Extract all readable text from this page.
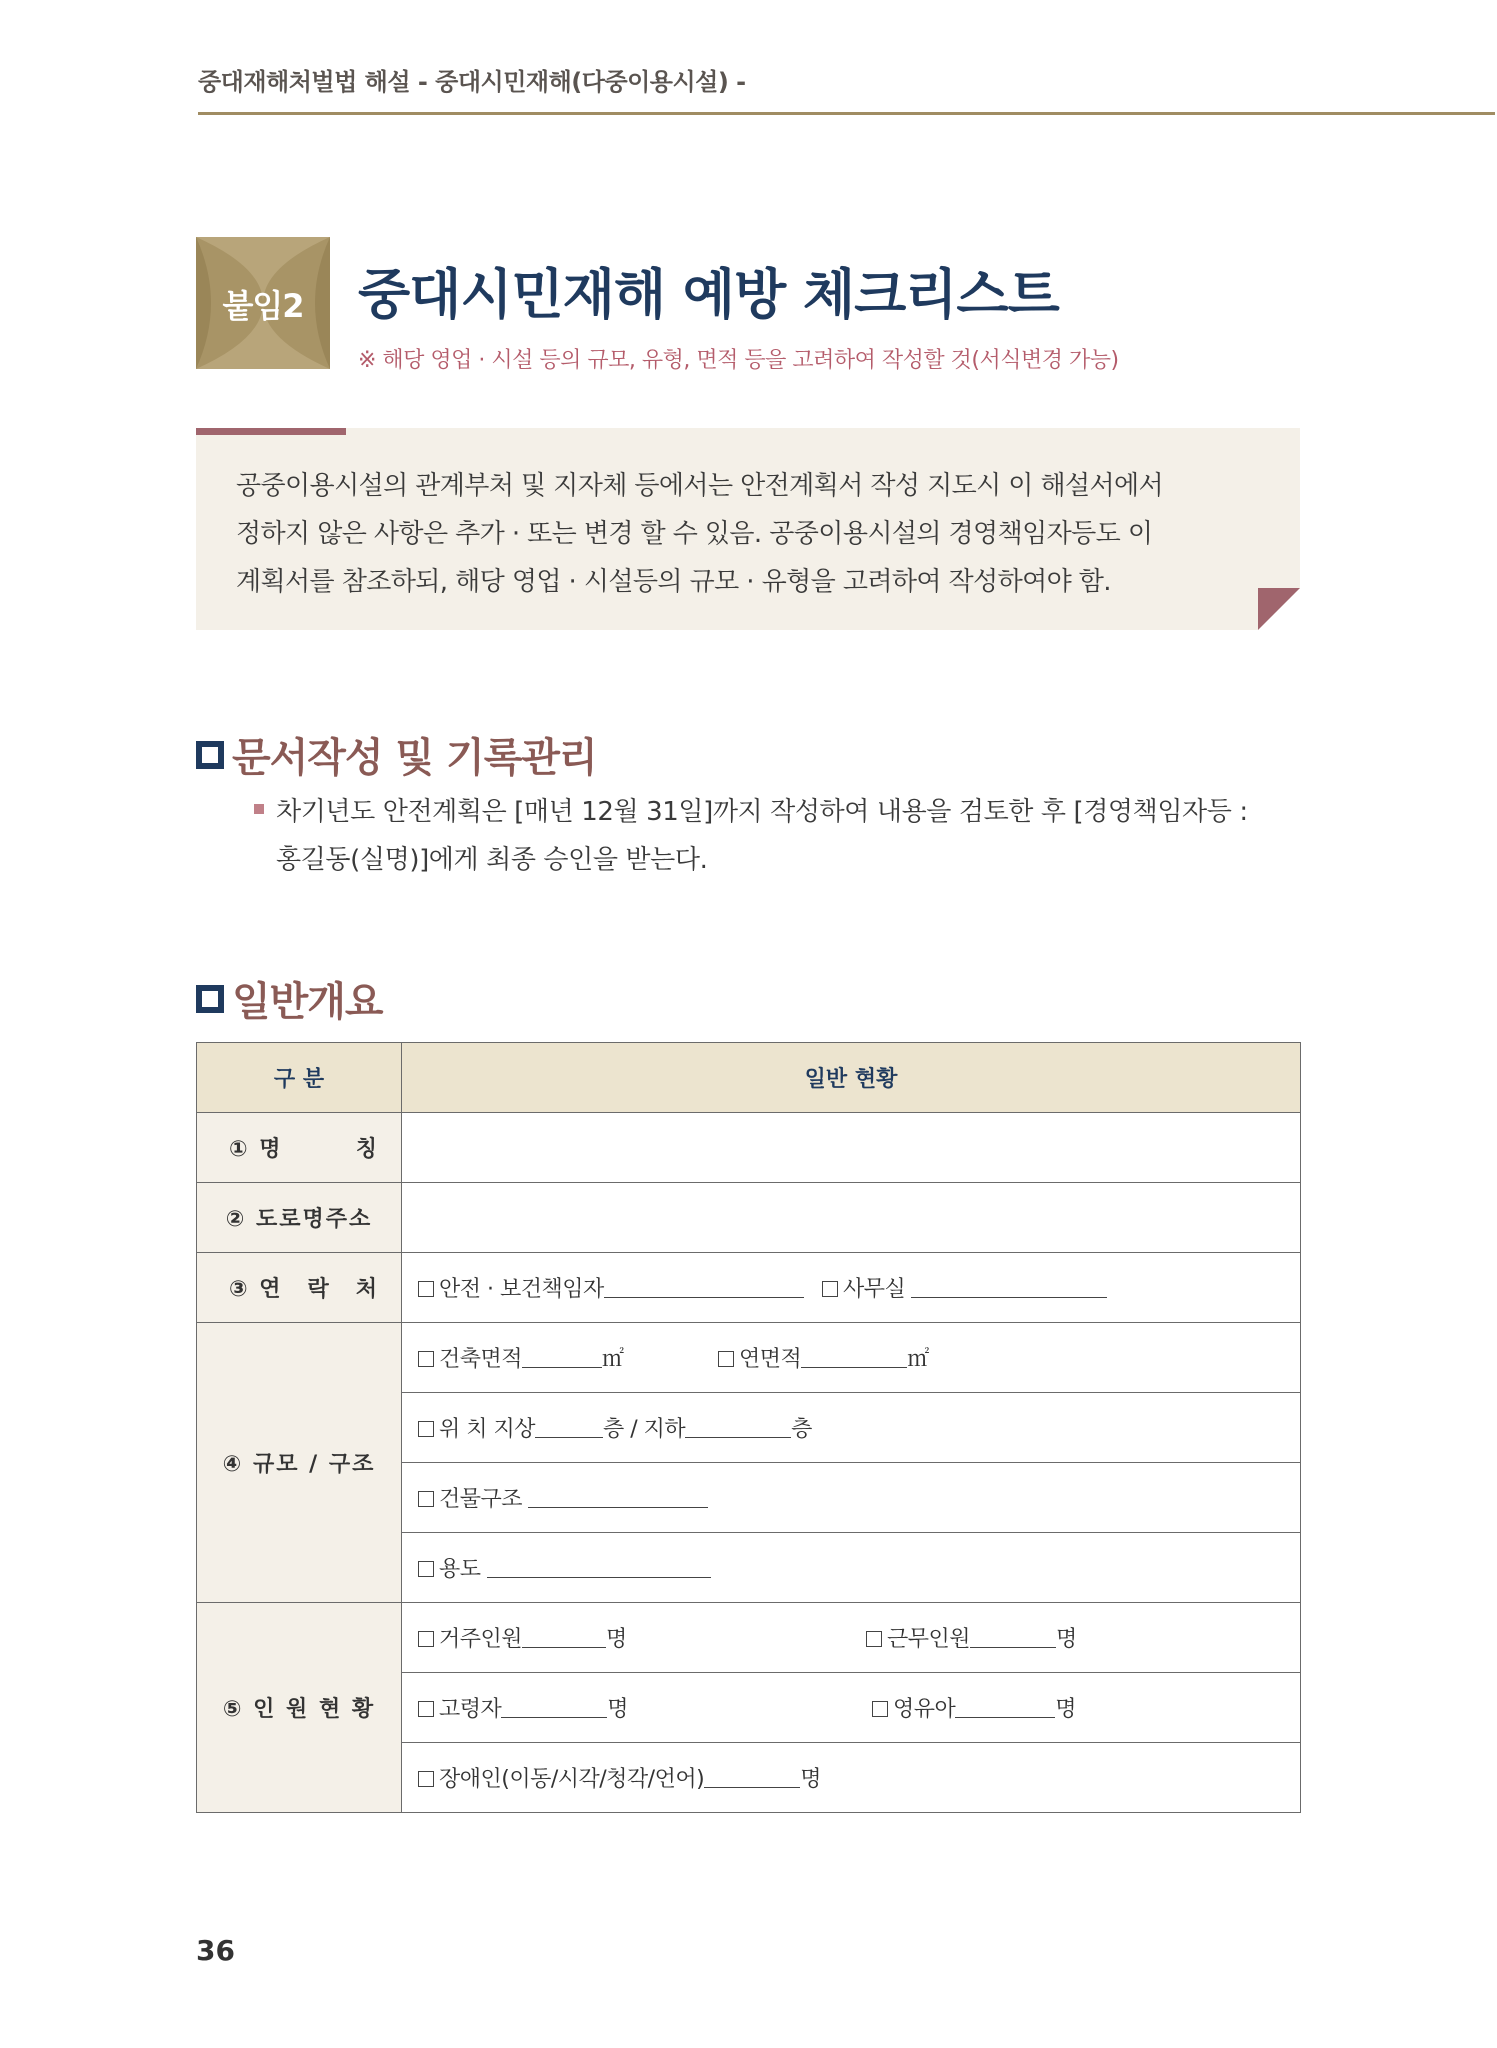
중대재해처벌법 해설 - 중대시민재해(다중이용시설) -
붙임2	중대시민재해 예방 체크리스트
※ 해당 영업 · 시설 등의 규모, 유형, 면적 등을 고려하여 작성할 것(서식변경 가능)

공중이용시설의 관계부처 및 지자체 등에서는 안전계획서 작성 지도시 이 해설서에서
정하지 않은 사항은 추가 · 또는 변경 할 수 있음. 공중이용시설의 경영책임자등도 이
계획서를 참조하되, 해당 영업 · 시설등의 규모 · 유형을 고려하여 작성하여야 함.

문서작성 및 기록관리

차기년도 안전계획은 [매년 12월 31일]까지 작성하여 내용을 검토한 후 [경영책임자등 :
홍길동(실명)]에게 최종 승인을 받는다.

일반개요
구 분	일반 현황

① 명 칭	

② 도로명주소	

③ 연 락 처	안전 · 보건책임자 사무실

④ 규모 / 구조	건축면적 ㎡ 연면적 ㎡

	위 치 지상 층 / 지하 층
	건물구조
	용도
⑤ 인 원 현 황	거주인원 명 근무인원 명

	고령자 명 영유아 명

	장애인(이동/시각/청각/언어) 명
36
